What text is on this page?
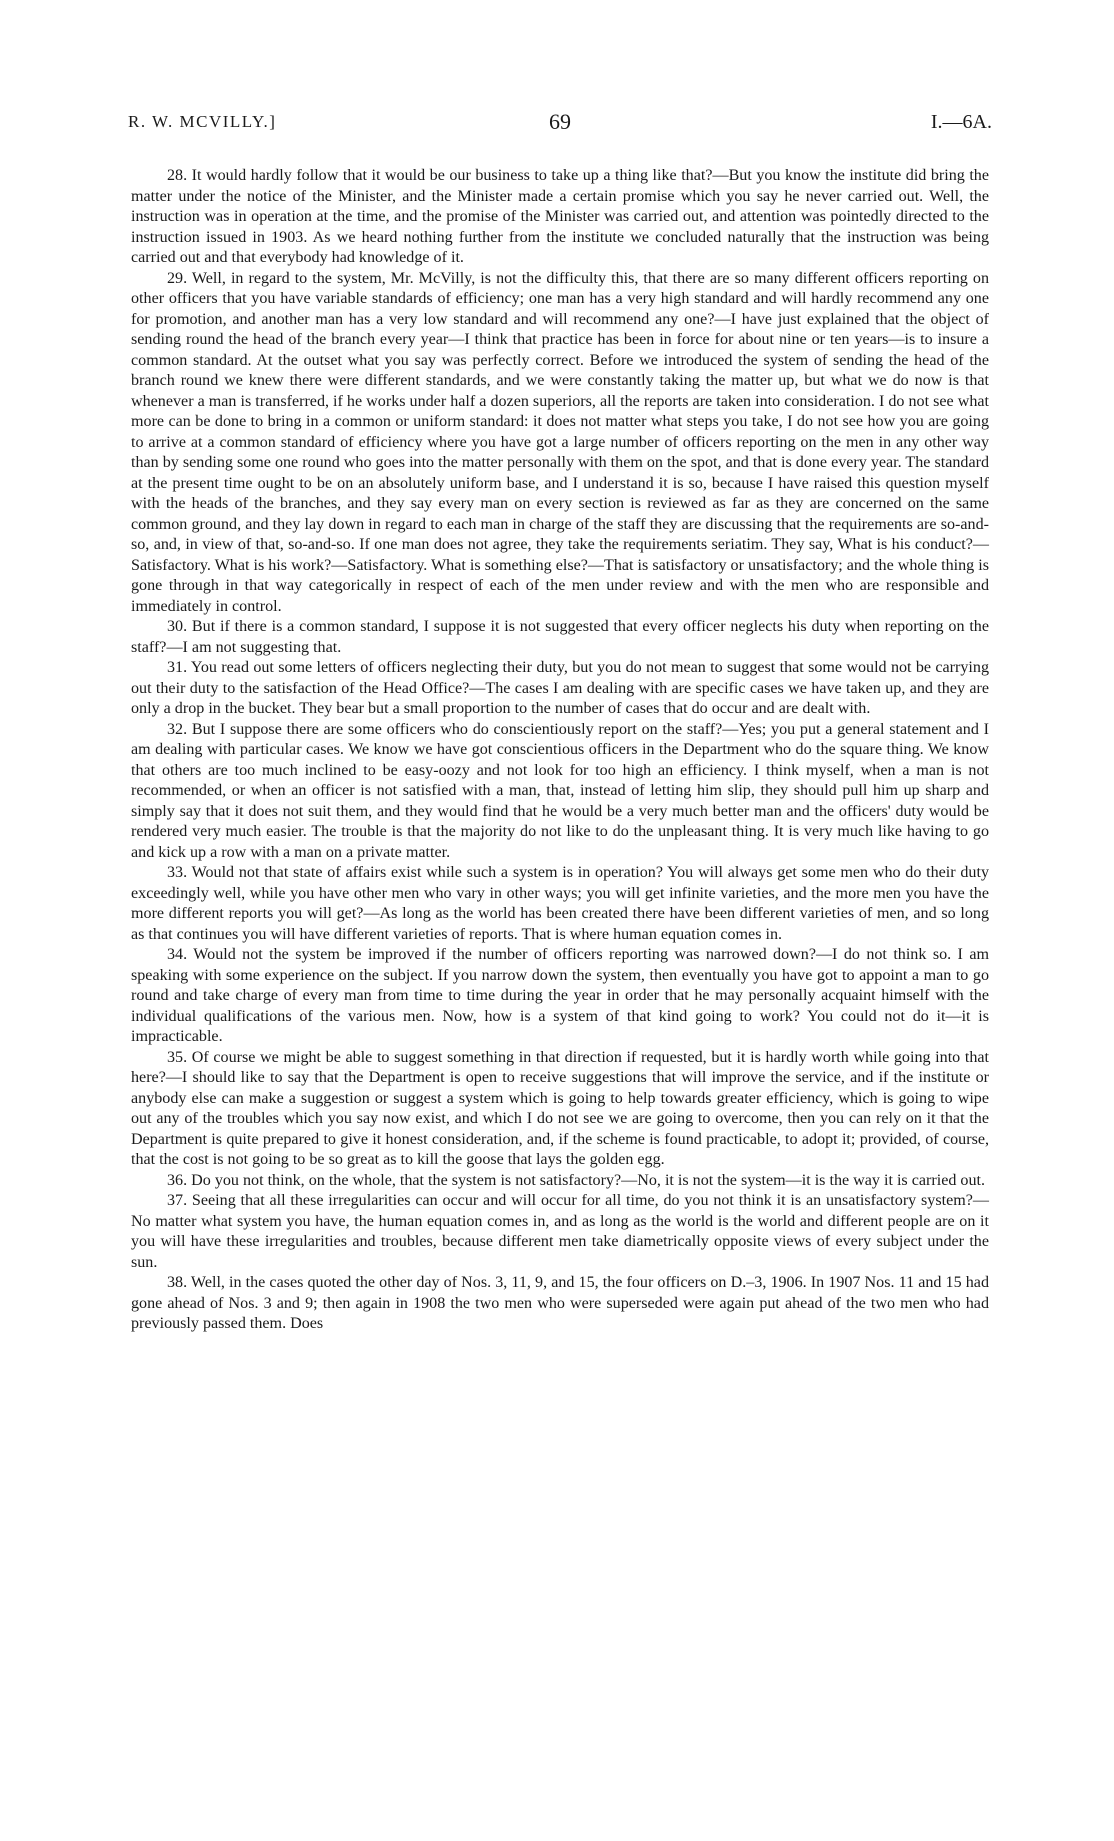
R. W. MCVILLY.]	69	I.—6A.

28. It would hardly follow that it would be our business to take up a thing like that?—But you know the institute did bring the matter under the notice of the Minister, and the Minister made a certain promise which you say he never carried out. Well, the instruction was in operation at the time, and the promise of the Minister was carried out, and attention was pointedly directed to the instruction issued in 1903. As we heard nothing further from the institute we concluded naturally that the instruction was being carried out and that everybody had knowledge of it.

29. Well, in regard to the system, Mr. McVilly, is not the difficulty this, that there are so many different officers reporting on other officers that you have variable standards of efficiency; one man has a very high standard and will hardly recommend any one for promotion, and another man has a very low standard and will recommend any one?—I have just explained that the object of sending round the head of the branch every year—I think that practice has been in force for about nine or ten years—is to insure a common standard. At the outset what you say was perfectly correct. Before we introduced the system of sending the head of the branch round we knew there were different standards, and we were constantly taking the matter up, but what we do now is that whenever a man is transferred, if he works under half a dozen superiors, all the reports are taken into consideration. I do not see what more can be done to bring in a common or uniform standard: it does not matter what steps you take, I do not see how you are going to arrive at a common standard of efficiency where you have got a large number of officers reporting on the men in any other way than by sending some one round who goes into the matter personally with them on the spot, and that is done every year. The standard at the present time ought to be on an absolutely uniform base, and I understand it is so, because I have raised this question myself with the heads of the branches, and they say every man on every section is reviewed as far as they are concerned on the same common ground, and they lay down in regard to each man in charge of the staff they are discussing that the requirements are so-and-so, and, in view of that, so-and-so. If one man does not agree, they take the requirements seriatim. They say, What is his conduct?—Satisfactory. What is his work?—Satisfactory. What is something else?—That is satisfactory or unsatisfactory; and the whole thing is gone through in that way categorically in respect of each of the men under review and with the men who are responsible and immediately in control.

30. But if there is a common standard, I suppose it is not suggested that every officer neglects his duty when reporting on the staff?—I am not suggesting that.

31. You read out some letters of officers neglecting their duty, but you do not mean to suggest that some would not be carrying out their duty to the satisfaction of the Head Office?—The cases I am dealing with are specific cases we have taken up, and they are only a drop in the bucket. They bear but a small proportion to the number of cases that do occur and are dealt with.

32. But I suppose there are some officers who do conscientiously report on the staff?—Yes; you put a general statement and I am dealing with particular cases. We know we have got conscientious officers in the Department who do the square thing. We know that others are too much inclined to be easy-oozy and not look for too high an efficiency. I think myself, when a man is not recommended, or when an officer is not satisfied with a man, that, instead of letting him slip, they should pull him up sharp and simply say that it does not suit them, and they would find that he would be a very much better man and the officers' duty would be rendered very much easier. The trouble is that the majority do not like to do the unpleasant thing. It is very much like having to go and kick up a row with a man on a private matter.

33. Would not that state of affairs exist while such a system is in operation? You will always get some men who do their duty exceedingly well, while you have other men who vary in other ways; you will get infinite varieties, and the more men you have the more different reports you will get?—As long as the world has been created there have been different varieties of men, and so long as that continues you will have different varieties of reports. That is where human equation comes in.

34. Would not the system be improved if the number of officers reporting was narrowed down?—I do not think so. I am speaking with some experience on the subject. If you narrow down the system, then eventually you have got to appoint a man to go round and take charge of every man from time to time during the year in order that he may personally acquaint himself with the individual qualifications of the various men. Now, how is a system of that kind going to work? You could not do it—it is impracticable.

35. Of course we might be able to suggest something in that direction if requested, but it is hardly worth while going into that here?—I should like to say that the Department is open to receive suggestions that will improve the service, and if the institute or anybody else can make a suggestion or suggest a system which is going to help towards greater efficiency, which is going to wipe out any of the troubles which you say now exist, and which I do not see we are going to overcome, then you can rely on it that the Department is quite prepared to give it honest consideration, and, if the scheme is found practicable, to adopt it; provided, of course, that the cost is not going to be so great as to kill the goose that lays the golden egg.

36. Do you not think, on the whole, that the system is not satisfactory?—No, it is not the system—it is the way it is carried out.

37. Seeing that all these irregularities can occur and will occur for all time, do you not think it is an unsatisfactory system?—No matter what system you have, the human equation comes in, and as long as the world is the world and different people are on it you will have these irregularities and troubles, because different men take diametrically opposite views of every subject under the sun.

38. Well, in the cases quoted the other day of Nos. 3, 11, 9, and 15, the four officers on D.–3, 1906. In 1907 Nos. 11 and 15 had gone ahead of Nos. 3 and 9; then again in 1908 the two men who were superseded were again put ahead of the two men who had previously passed them. Does
